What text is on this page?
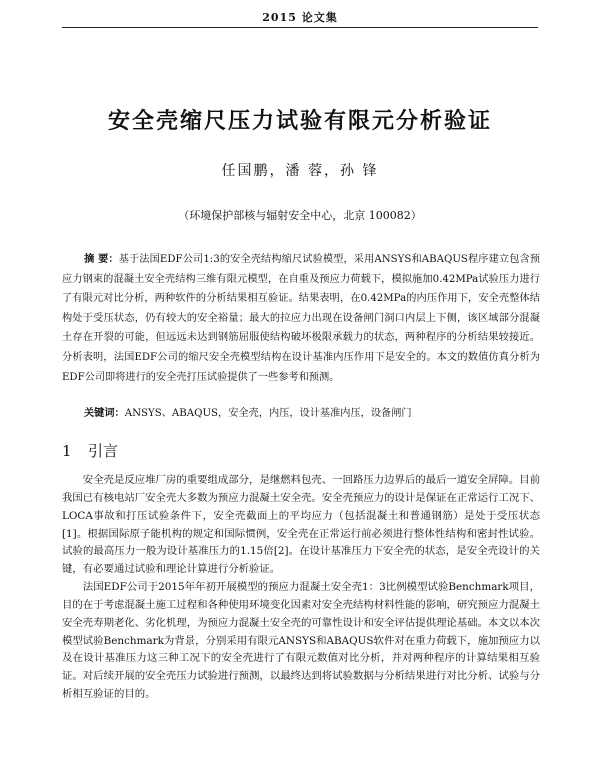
2015 论文集
安全壳缩尺压力试验有限元分析验证
任国鹏，潘 蓉，孙 锋
（环境保护部核与辐射安全中心，北京 100082）
摘 要：基于法国EDF公司1:3的安全壳结构缩尺试验模型，采用ANSYS和ABAQUS程序建立包含预应力钢束的混凝土安全壳结构三维有限元模型，在自重及预应力荷载下，模拟施加0.42MPa试验压力进行了有限元对比分析，两种软件的分析结果相互验证。结果表明，在0.42MPa的内压作用下，安全壳整体结构处于受压状态，仍有较大的安全裕量；最大的拉应力出现在设备闸门洞口内层上下侧，该区域部分混凝土存在开裂的可能，但远远未达到钢筋屈服使结构破坏极限承载力的状态，两种程序的分析结果较接近。分析表明，法国EDF公司的缩尺安全壳模型结构在设计基准内压作用下是安全的。本文的数值仿真分析为EDF公司即将进行的安全壳打压试验提供了一些参考和预测。
关键词：ANSYS、ABAQUS，安全壳，内压，设计基准内压，设备闸门
1 引言

安全壳是反应堆厂房的重要组成部分，是继燃料包壳、一回路压力边界后的最后一道安全屏障。目前我国已有核电站厂安全壳大多数为预应力混凝土安全壳。安全壳预应力的设计是保证在正常运行工况下、LOCA事故和打压试验条件下，安全壳截面上的平均应力（包括混凝土和普通钢筋）是处于受压状态[1]。根据国际原子能机构的规定和国际惯例，安全壳在正常运行前必须进行整体性结构和密封性试验。试验的最高压力一般为设计基准压力的1.15倍[2]。在设计基准压力下安全壳的状态，是安全壳设计的关键，有必要通过试验和理论计算进行分析验证。

法国EDF公司于2015年年初开展模型的预应力混凝土安全壳1：3比例模型试验Benchmark项目，目的在于考虑混凝土施工过程和各种使用环境变化因素对安全壳结构材料性能的影响，研究预应力混凝土安全壳寿期老化、劣化机理，为预应力混凝土安全壳的可靠性设计和安全评估提供理论基础。本文以本次模型试验Benchmark为背景，分别采用有限元ANSYS和ABAQUS软件对在重力荷载下，施加预应力以及在设计基准压力这三种工况下的安全壳进行了有限元数值对比分析，并对两种程序的计算结果相互验证。对后续开展的安全壳压力试验进行预测，以最终达到将试验数据与分析结果进行对比分析、试验与分析相互验证的目的。
